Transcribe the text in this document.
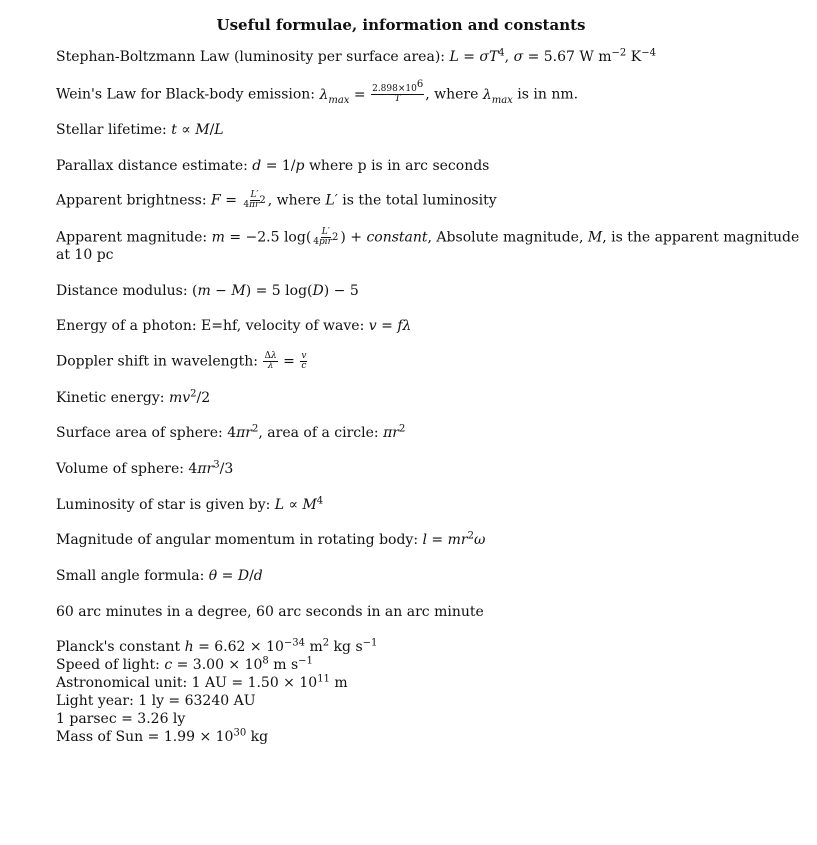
Useful formulae, information and constants
Stephan-Boltzmann Law (luminosity per surface area): $L = \sigma T^4$, σ = 5.67 W $m^{-2}$ $K^{-4}$
Wein's Law for Black-body emission: $\lambda_{max} = \frac{2.898\times 10^6}{T}$ , where $\lambda_{max}$ is in nm.
Stellar lifetime: t ∝ M/L
Parallax distance estimate: d = 1/p where p is in arc seconds
Apparent brightness: $F = \frac{L'}{4\pi r^2}$ , where L′ is the total luminosity
Apparent magnitude: m = −2.5 $\log( \frac{L'}{4pir^2}$ ) + constant, Absolute magnitude, M, is the apparent magnitude
at 10 pc
Distance modulus: (m − M) = 5 log(D) − 5
Energy of a photon: E=hf, velocity of wave: v = fλ
Doppler shift in wavelength: $\frac{\Delta\lambda}{\lambda} = \frac{v}{c}$
Kinetic energy: $mv^2/2$
Surface area of sphere: $4\pi r^2$, area of a circle: $\pi r^2$
Volume of sphere: $4\pi r^3/3$
Luminosity of star is given by: $L \propto M^4$
Magnitude of angular momentum in rotating body: $l = mr^2\omega$
Small angle formula: θ = D/d
60 arc minutes in a degree, 60 arc seconds in an arc minute
Planck's constant $h = 6.62 \times 10^{-34}$ $m^2$ kg $s^{-1}$
Speed of light: $c = 3.00 \times 10^8$ m $s^{-1}$
Astronomical unit: 1 AU = $1.50 \times 10^{11}$ m
Light year: 1 ly = 63240 AU
1 parsec = 3.26 ly
Mass of Sun = $1.99 \times 10^{30}$ kg
